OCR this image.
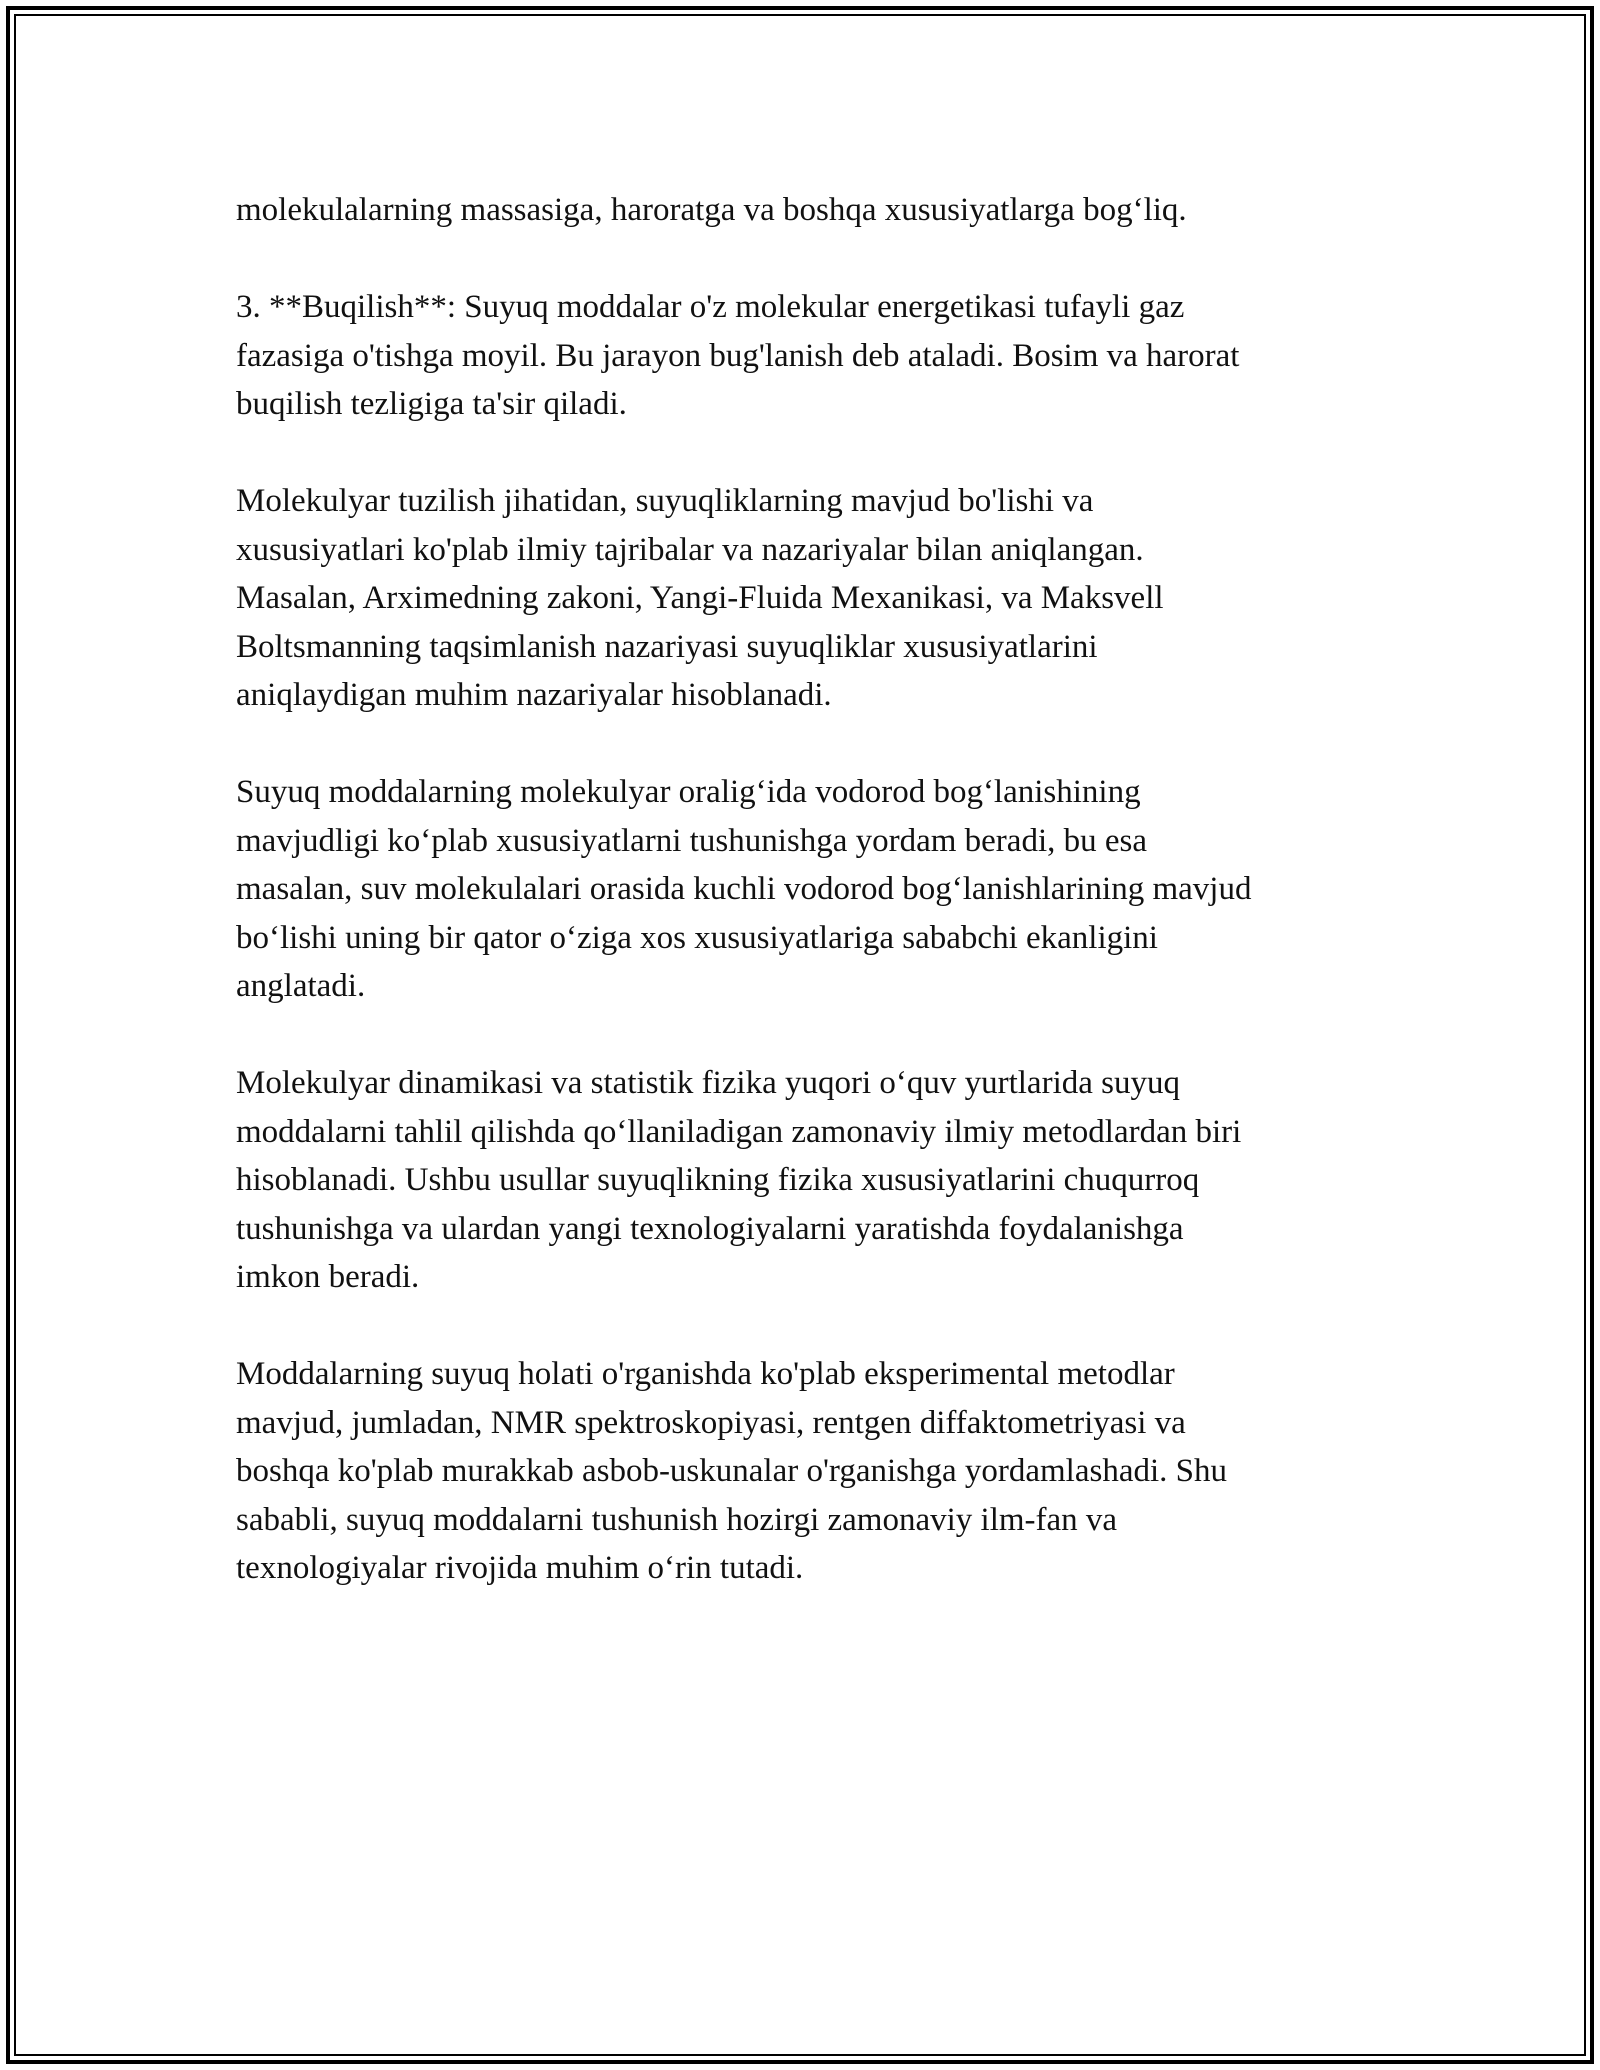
molekulalarning massasiga, haroratga va boshqa xususiyatlarga bog‘liq.

3. **Buqilish**: Suyuq moddalar o'z molekular energetikasi tufayli gaz
fazasiga o'tishga moyil. Bu jarayon bug'lanish deb ataladi. Bosim va harorat
buqilish tezligiga ta'sir qiladi.

Molekulyar tuzilish jihatidan, suyuqliklarning mavjud bo'lishi va
xususiyatlari ko'plab ilmiy tajribalar va nazariyalar bilan aniqlangan.
Masalan, Arximedning zakoni, Yangi-Fluida Mexanikasi, va Maksvell
Boltsmanning taqsimlanish nazariyasi suyuqliklar xususiyatlarini
aniqlaydigan muhim nazariyalar hisoblanadi.

Suyuq moddalarning molekulyar oralig‘ida vodorod bog‘lanishining
mavjudligi ko‘plab xususiyatlarni tushunishga yordam beradi, bu esa
masalan, suv molekulalari orasida kuchli vodorod bog‘lanishlarining mavjud
bo‘lishi uning bir qator o‘ziga xos xususiyatlariga sababchi ekanligini
anglatadi.

Molekulyar dinamikasi va statistik fizika yuqori o‘quv yurtlarida suyuq
moddalarni tahlil qilishda qo‘llaniladigan zamonaviy ilmiy metodlardan biri
hisoblanadi. Ushbu usullar suyuqlikning fizika xususiyatlarini chuqurroq
tushunishga va ulardan yangi texnologiyalarni yaratishda foydalanishga
imkon beradi.

Moddalarning suyuq holati o'rganishda ko'plab eksperimental metodlar
mavjud, jumladan, NMR spektroskopiyasi, rentgen diffaktometriyasi va
boshqa ko'plab murakkab asbob-uskunalar o'rganishga yordamlashadi. Shu
sababli, suyuq moddalarni tushunish hozirgi zamonaviy ilm-fan va
texnologiyalar rivojida muhim o‘rin tutadi.
